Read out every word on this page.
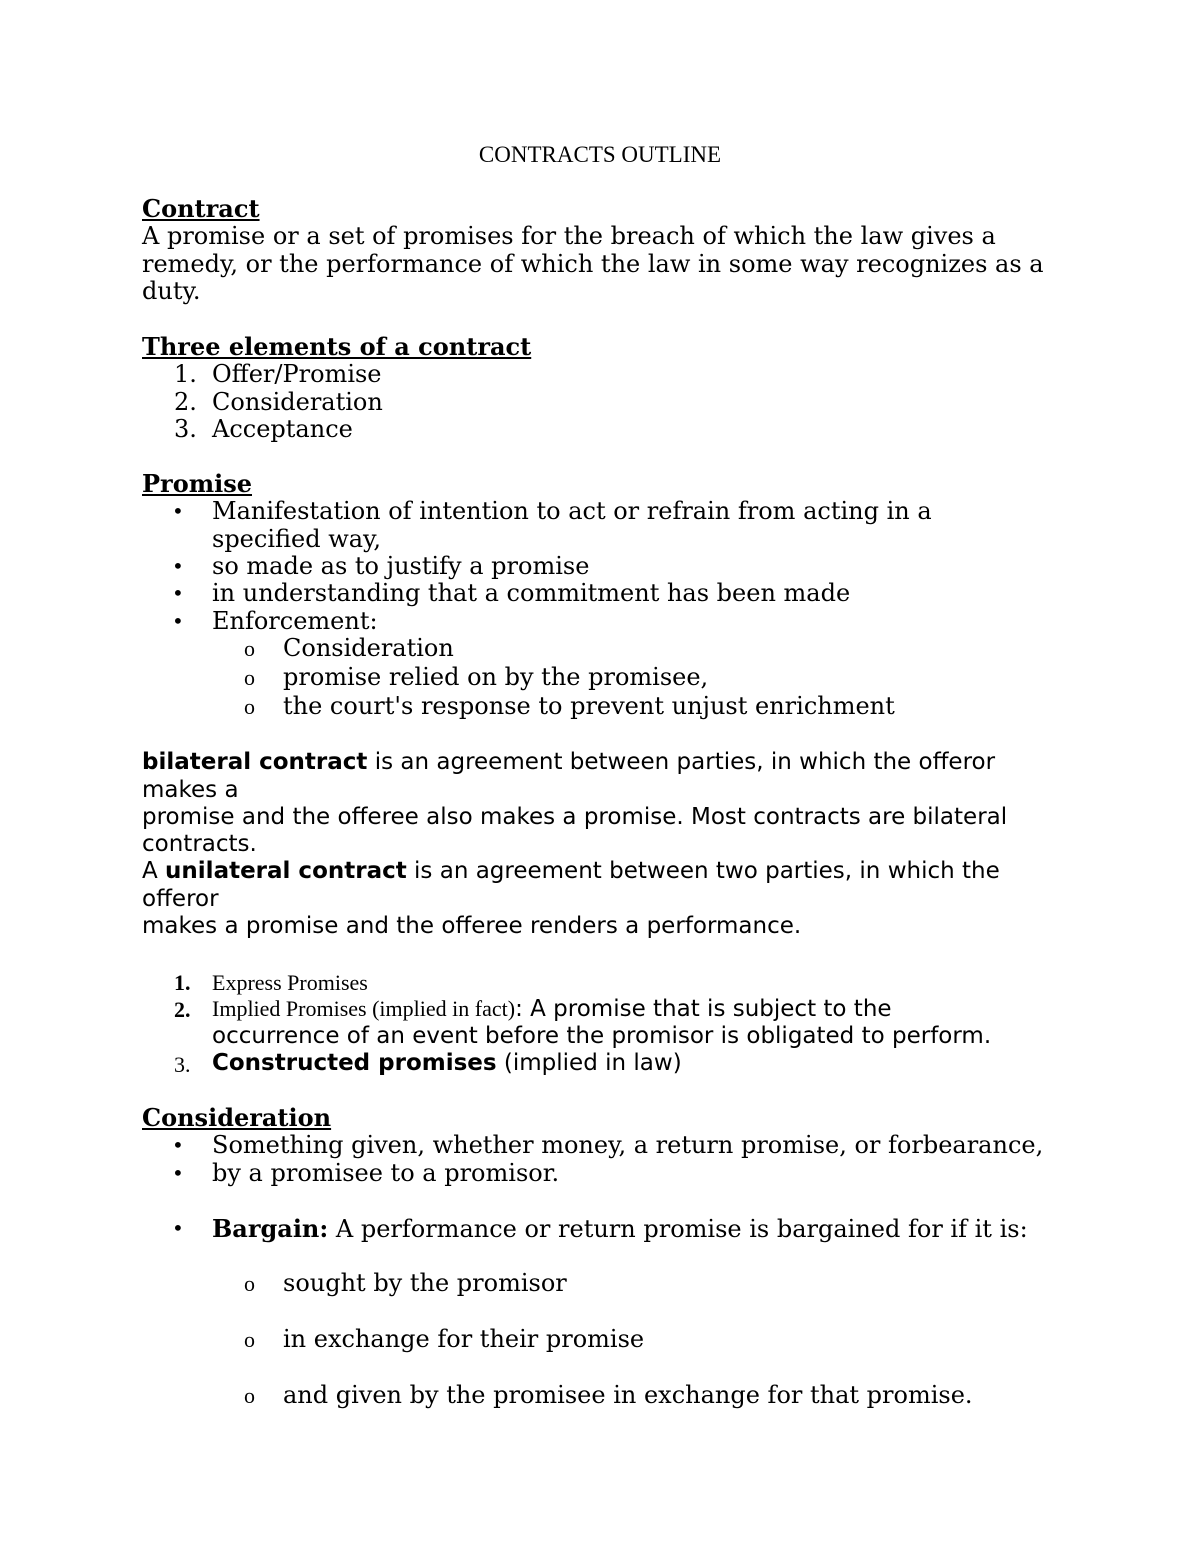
CONTRACTS OUTLINE
Contract
A promise or a set of promises for the breach of which the law gives a remedy, or the performance of which the law in some way recognizes as a duty.
Three elements of a contract
1. Offer/Promise
2. Consideration
3. Acceptance
Promise
•	Manifestation of intention to act or refrain from acting in a specified way,
•	so made as to justify a promise
•	in understanding that a commitment has been made
•	Enforcement:
o	Consideration
o	promise relied on by the promisee,
o	the court's response to prevent unjust enrichment
bilateral contract is an agreement between parties, in which the offeror
makes a
promise and the offeree also makes a promise. Most contracts are bilateral
contracts.
A unilateral contract is an agreement between two parties, in which the
offeror
makes a promise and the offeree renders a performance.
1. Express Promises
2. Implied Promises (implied in fact): A promise that is subject to the
occurrence of an event before the promisor is obligated to perform.
3. Constructed promises (implied in law)
Consideration
•	Something given, whether money, a return promise, or forbearance,
•	by a promisee to a promisor.
•	Bargain: A performance or return promise is bargained for if it is:
o	sought by the promisor
o	in exchange for their promise
o	and given by the promisee in exchange for that promise.
